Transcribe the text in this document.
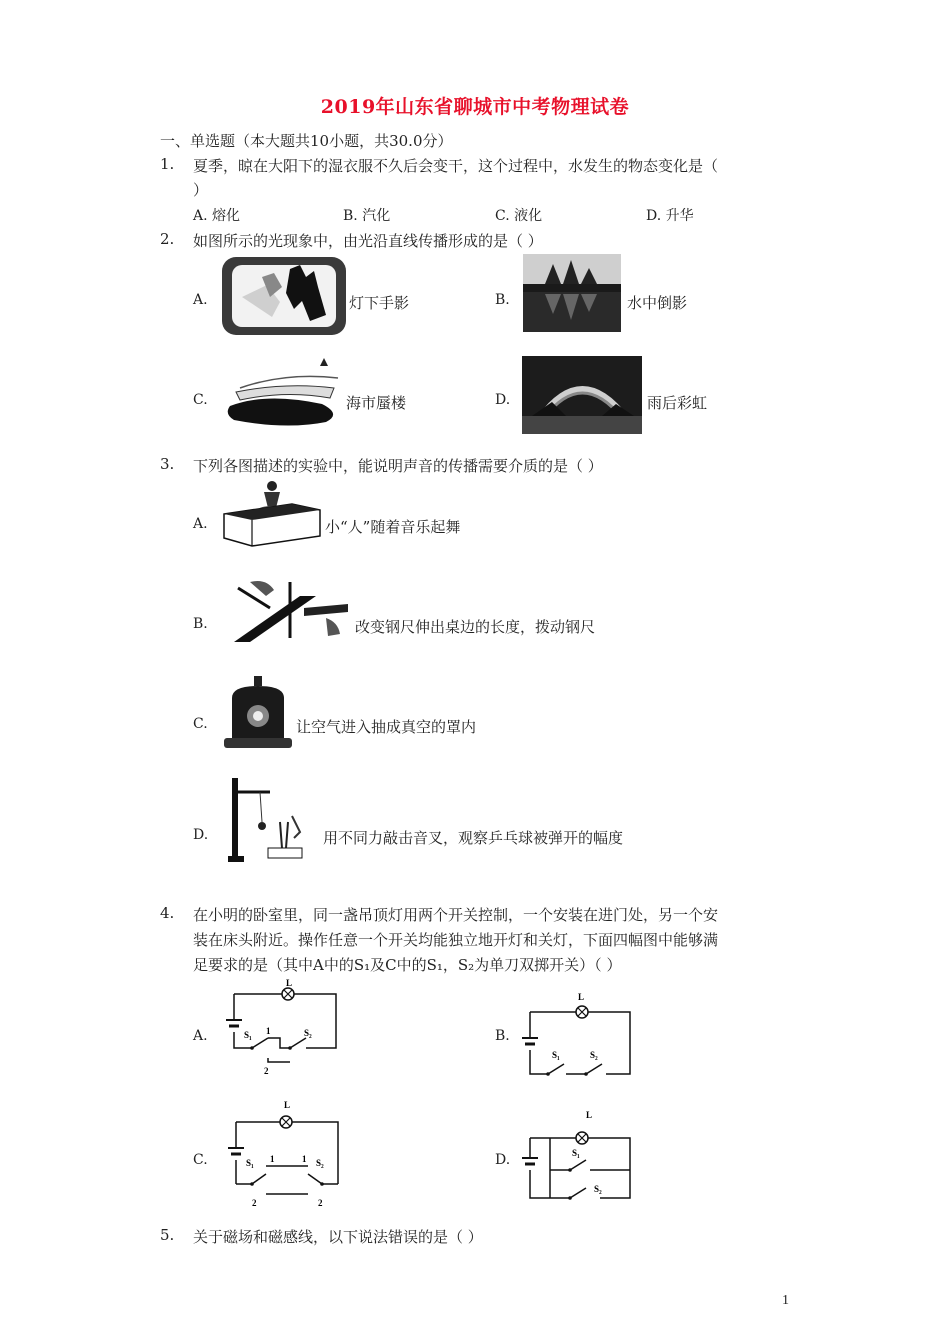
2019年山东省聊城市中考物理试卷
一、单选题（本大题共10小题，共30.0分）
1. 夏季，晾在大阳下的湿衣服不久后会变干，这个过程中，水发生的物态变化是（
）
A. 熔化	B. 汽化	C. 液化	D. 升华
2. 如图所示的光现象中，由光沿直线传播形成的是（ ）
A.	灯下手影	B.	水中倒影
C.	海市蜃楼	D.	雨后彩虹
3. 下列各图描述的实验中，能说明声音的传播需要介质的是（ ）
A.	小“人”随着音乐起舞
B.	改变钢尺伸出桌边的长度，拨动钢尺
C.	让空气进入抽成真空的罩内
D.	用不同力敲击音叉，观察乒乓球被弹开的幅度
4. 在小明的卧室里，同一盏吊顶灯用两个开关控制，一个安装在进门处，另一个安
装在床头附近。操作任意一个开关均能独立地开灯和关灯，下面四幅图中能够满
足要求的是（其中A中的S₁及C中的S₁，S₂为单刀双掷开关）（ ）
A.
L
S₁	S₂
1
2
B.
L
S₁	S₂
C.
L
S₁	S₂
1	1
2	2
D.
L
S₁
S₂
5. 关于磁场和磁感线，以下说法错误的是（ ）
1
